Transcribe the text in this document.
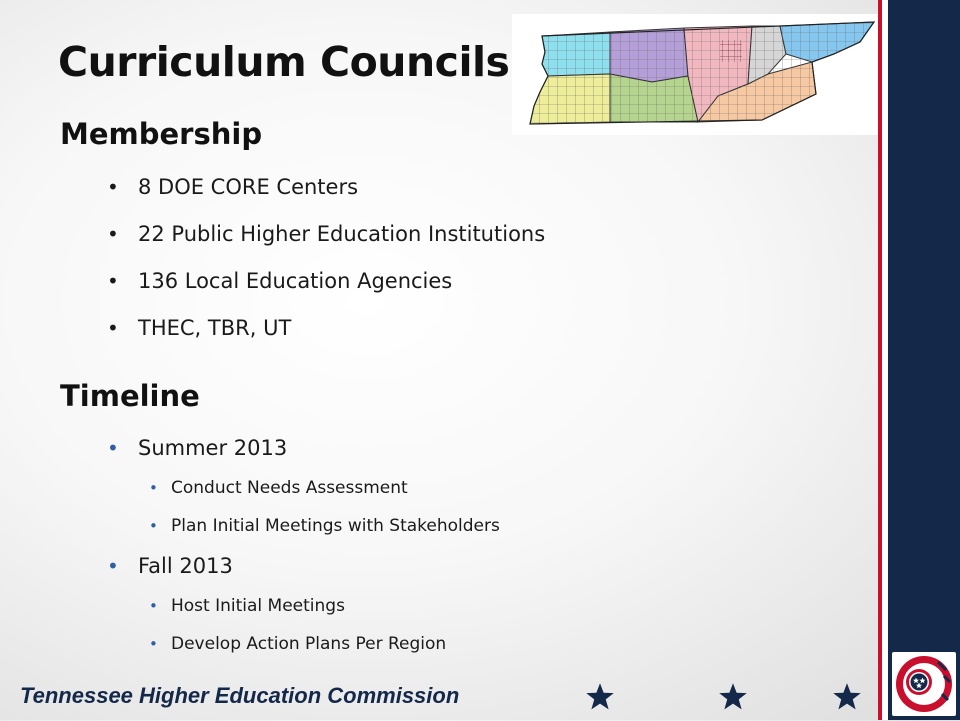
Curriculum Councils
Membership
• 8 DOE CORE Centers
• 22 Public Higher Education Institutions
• 136 Local Education Agencies
• THEC, TBR, UT
Timeline
• Summer 2013
• Conduct Needs Assessment
• Plan Initial Meetings with Stakeholders
• Fall 2013
• Host Initial Meetings
• Develop Action Plans Per Region
Tennessee Higher Education Commission
